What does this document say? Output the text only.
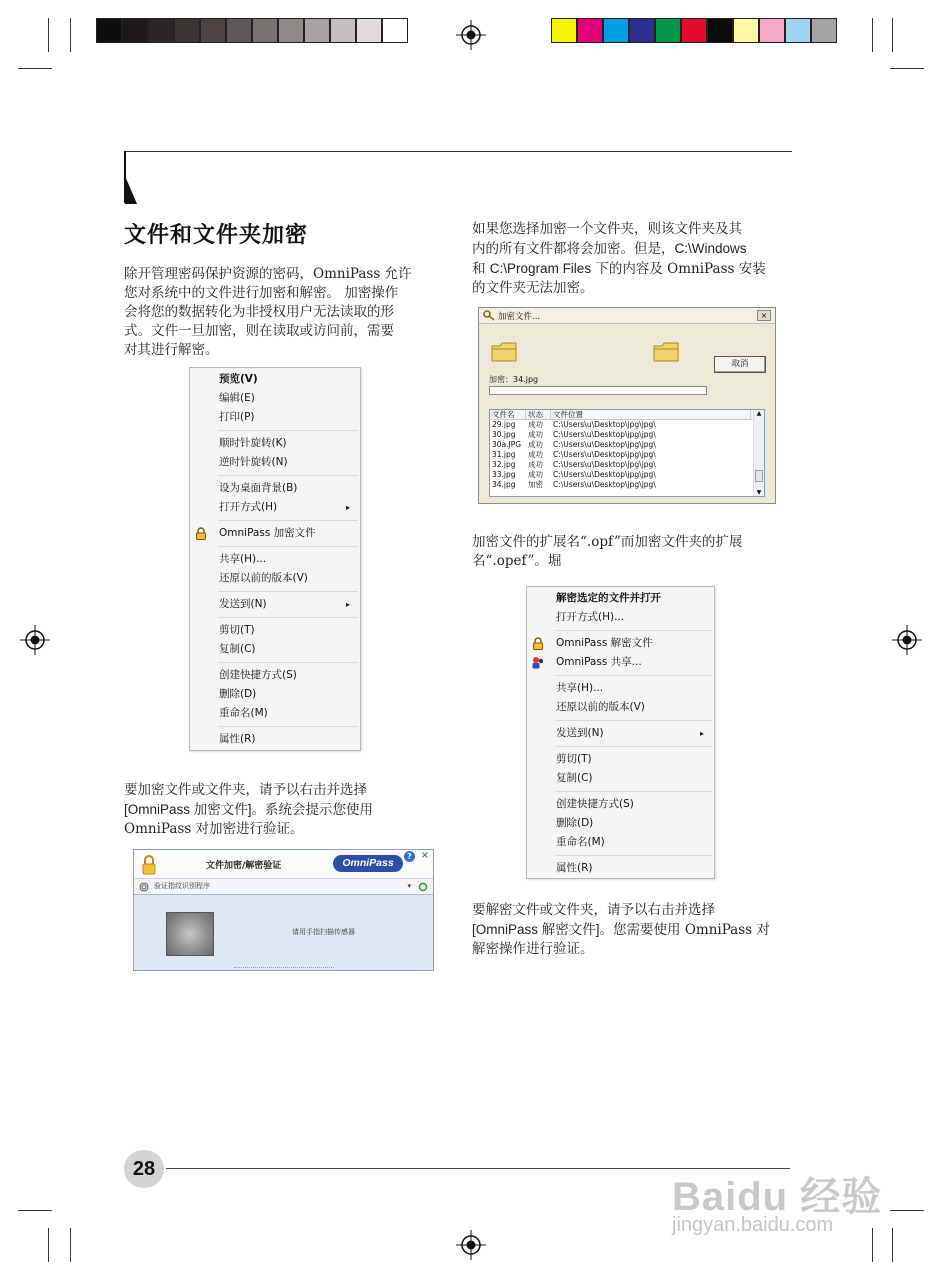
文件和文件夹加密
除开管理密码保护资源的密码，OmniPass 允许
您对系统中的文件进行加密和解密。 加密操作
会将您的数据转化为非授权用户无法读取的形
式。文件一旦加密，则在读取或访问前，需要
对其进行解密。
预览(V)
编辑(E)
打印(P)
顺时针旋转(K)
逆时针旋转(N)
设为桌面背景(B)
打开方式(H)	▸
OmniPass 加密文件
共享(H)...
还原以前的版本(V)
发送到(N)	▸
剪切(T)
复制(C)
创建快捷方式(S)
删除(D)
重命名(M)
属性(R)
要加密文件或文件夹，请予以右击并选择
[OmniPass 加密文件]。系统会提示您使用
OmniPass 对加密进行验证。
文件加密/解密验证	OmniPass
? ×
验证指纹识别程序	▾
请用手指扫描传感器
如果您选择加密一个文件夹，则该文件夹及其
内的所有文件都将会加密。但是，C:\Windows
和 C:\Program Files 下的内容及 OmniPass 安装
的文件夹无法加密。
加密文件...	×
取消
加密：34.jpg
文件名	状态	文件位置
29.jpg	成功	C:\Users\u\Desktop\jpg\jpg\
30.jpg	成功	C:\Users\u\Desktop\jpg\jpg\
30a.JPG 成功	C:\Users\u\Desktop\jpg\jpg\
31.jpg	成功	C:\Users\u\Desktop\jpg\jpg\
32.jpg	成功	C:\Users\u\Desktop\jpg\jpg\
33.jpg	成功	C:\Users\u\Desktop\jpg\jpg\
34.jpg	加密	C:\Users\u\Desktop\jpg\jpg\
▲
▼
加密文件的扩展名“.opf”而加密文件夹的扩展
名“.opef”。堀
解密选定的文件并打开
打开方式(H)...
OmniPass 解密文件
OmniPass 共享...
共享(H)...
还原以前的版本(V)
发送到(N)	▸
剪切(T)
复制(C)
创建快捷方式(S)
删除(D)
重命名(M)
属性(R)
要解密文件或文件夹，请予以右击并选择
[OmniPass 解密文件]。您需要使用 OmniPass 对
解密操作进行验证。
28
Baidu 经验
jingyan.baidu.com
